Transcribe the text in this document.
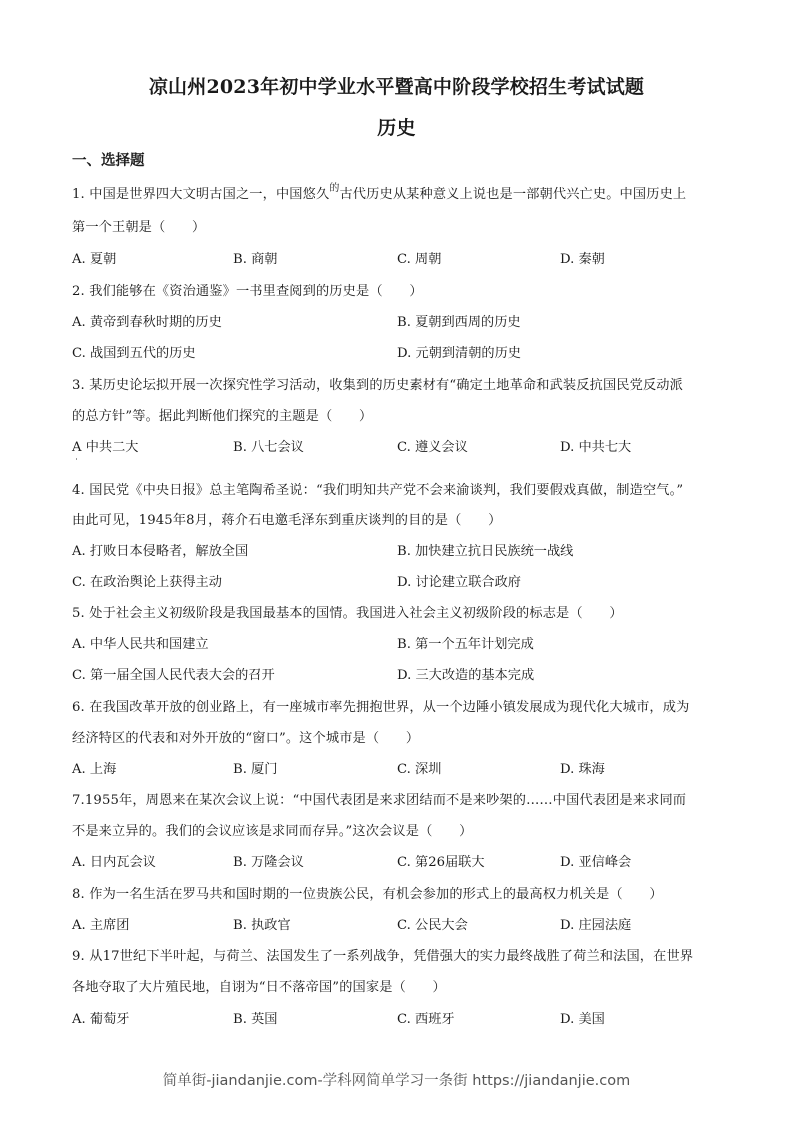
凉山州2023年初中学业水平暨高中阶段学校招生考试试题
历史
一、选择题
1. 中国是世界四大文明古国之一，中国悠久$^的$古代历史从某种意义上说也是一部朝代兴亡史。中国历史上
第一个王朝是（　　）
A. 夏朝	B. 商朝	C. 周朝	D. 秦朝
2. 我们能够在《资治通鉴》一书里查阅到的历史是（　　）
A. 黄帝到春秋时期的历史	B. 夏朝到西周的历史
C. 战国到五代的历史	D. 元朝到清朝的历史
3. 某历史论坛拟开展一次探究性学习活动，收集到的历史素材有“确定土地革命和武装反抗国民党反动派
的总方针”等。据此判断他们探究的主题是（　　）
A 中共二大	B. 八七会议	C. 遵义会议	D. 中共七大
4. 国民党《中央日报》总主笔陶希圣说：“我们明知共产党不会来渝谈判，我们要假戏真做，制造空气。”
由此可见，1945年8月，蒋介石电邀毛泽东到重庆谈判的目的是（　　）
A. 打败日本侵略者，解放全国	B. 加快建立抗日民族统一战线
C. 在政治舆论上获得主动	D. 讨论建立联合政府
5. 处于社会主义初级阶段是我国最基本的国情。我国进入社会主义初级阶段的标志是（　　）
A. 中华人民共和国建立	B. 第一个五年计划完成
C. 第一届全国人民代表大会的召开	D. 三大改造的基本完成
6. 在我国改革开放的创业路上，有一座城市率先拥抱世界，从一个边陲小镇发展成为现代化大城市，成为
经济特区的代表和对外开放的“窗口”。这个城市是（　　）
A. 上海	B. 厦门	C. 深圳	D. 珠海
7.1955年，周恩来在某次会议上说：“中国代表团是来求团结而不是来吵架的……中国代表团是来求同而
不是来立异的。我们的会议应该是求同而存异。”这次会议是（　　）
A. 日内瓦会议	B. 万隆会议	C. 第26届联大	D. 亚信峰会
8. 作为一名生活在罗马共和国时期的一位贵族公民，有机会参加的形式上的最高权力机关是（　　）
A. 主席团	B. 执政官	C. 公民大会	D. 庄园法庭
9. 从17世纪下半叶起，与荷兰、法国发生了一系列战争，凭借强大的实力最终战胜了荷兰和法国，在世界
各地夺取了大片殖民地，自诩为“日不落帝国”的国家是（　　）
A. 葡萄牙	B. 英国	C. 西班牙	D. 美国
简单街-jiandanjie.com-学科网简单学习一条街 https://jiandanjie.com
